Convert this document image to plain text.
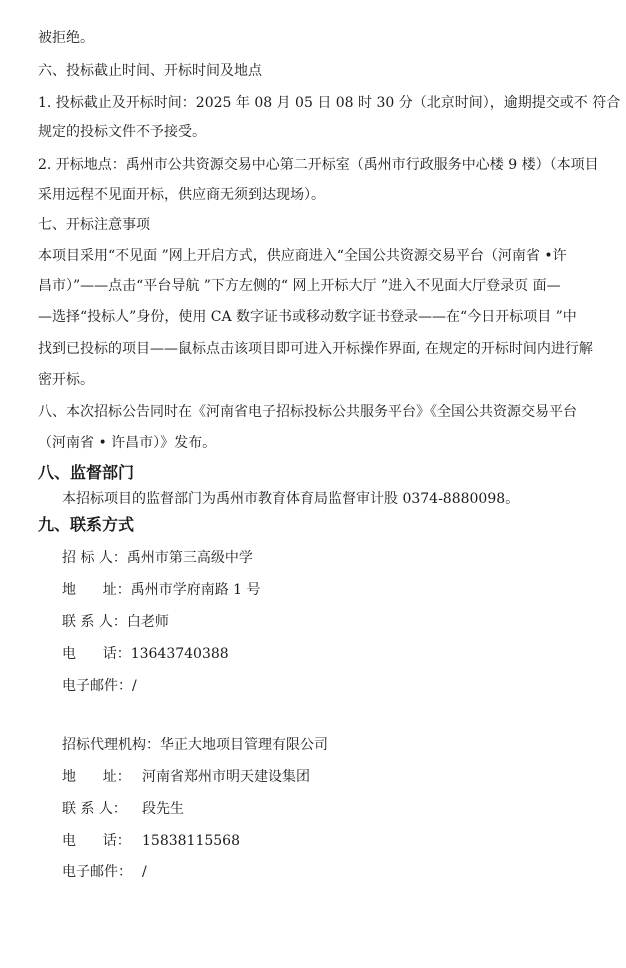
被拒绝。
六、投标截止时间、开标时间及地点
1. 投标截止及开标时间：2025 年 08 月 05 日 08 时 30 分（北京时间），逾期提交或不 符合
规定的投标文件不予接受。
2. 开标地点：禹州市公共资源交易中心第二开标室（禹州市行政服务中心楼 9 楼）（本项目
采用远程不见面开标，供应商无须到达现场）。
七、开标注意事项
本项目采用“不见面 ”网上开启方式，供应商进入“全国公共资源交易平台（河南省 •许
昌市）”——点击“平台导航 ”下方左侧的“ 网上开标大厅 ”进入不见面大厅登录页 面—
—选择“投标人”身份，使用 CA 数字证书或移动数字证书登录——在“今日开标项目 ”中
找到已投标的项目——鼠标点击该项目即可进入开标操作界面, 在规定的开标时间内进行解
密开标。
八、本次招标公告同时在《河南省电子招标投标公共服务平台》《全国公共资源交易平台
（河南省 • 许昌市）》发布。
八、监督部门
本招标项目的监督部门为禹州市教育体育局监督审计股 0374-8880098。
九、联系方式
招 标 人：禹州市第三高级中学
地      址：禹州市学府南路 1 号
联 系 人：白老师
电      话：13643740388
电子邮件：/
招标代理机构：华正大地项目管理有限公司
地      址： 河南省郑州市明天建设集团
联 系 人： 段先生
电      话： 15838115568
电子邮件： /
